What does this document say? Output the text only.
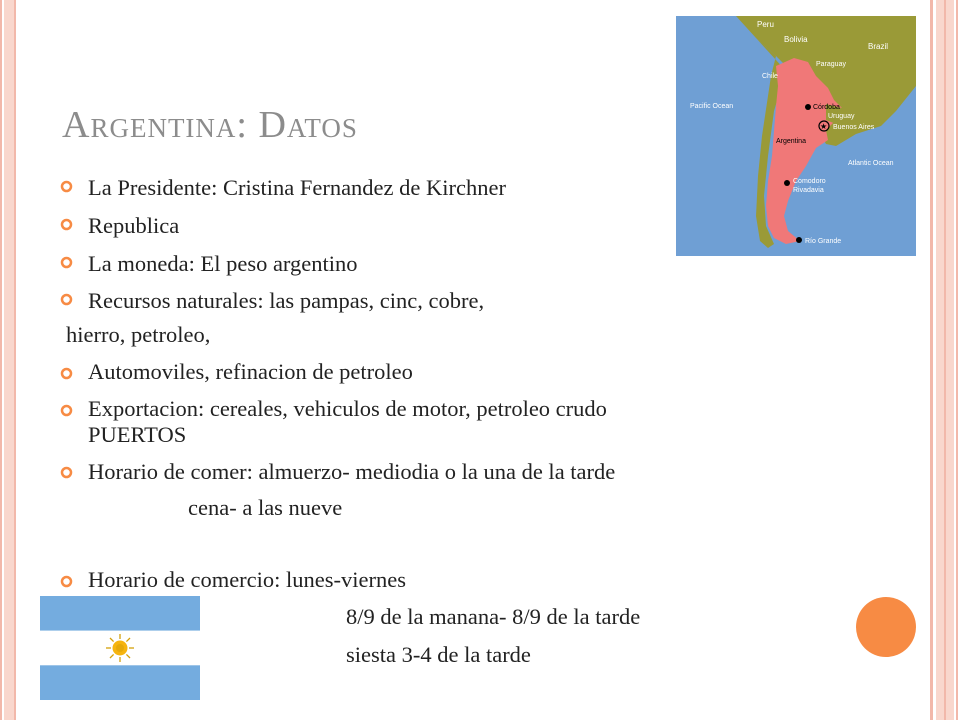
Argentina: Datos
Peru
Bolivia
Brazil
Paraguay
Chile
Pacific Ocean	Córdoba
Uruguay
★ Buenos Aires
Argentina
Atlantic Ocean
Comodoro
Rivadavia
Río Grande
La Presidente: Cristina Fernandez de Kirchner
Republica
La moneda: El peso argentino
Recursos naturales: las pampas, cinc, cobre,
hierro, petroleo,
Automoviles, refinacion de petroleo
Exportacion: cereales, vehiculos de motor, petroleo crudo
PUERTOS
Horario de comer: almuerzo- mediodia o la una de la tarde
cena- a las nueve
Horario de comercio: lunes-viernes
8/9 de la manana- 8/9 de la tarde
siesta 3-4 de la tarde
